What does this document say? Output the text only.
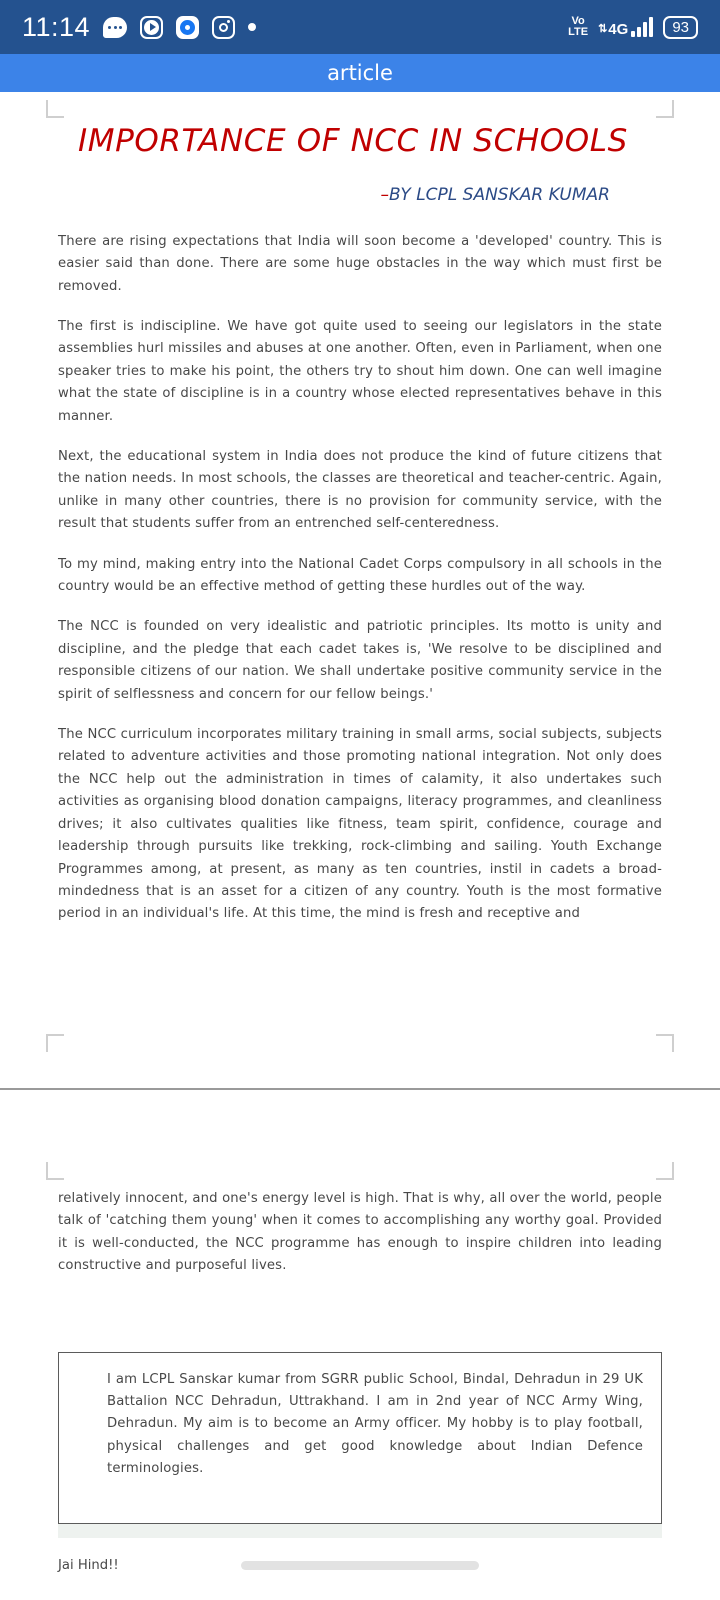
11:14	Vo
LTE ⇅ 4G	93
article
IMPORTANCE OF NCC IN SCHOOLS
–BY LCPL SANSKAR KUMAR

There are rising expectations that India will soon become a 'developed' country. This is easier said than done. There are some huge obstacles in the way which must first be removed.

The first is indiscipline. We have got quite used to seeing our legislators in the state assemblies hurl missiles and abuses at one another. Often, even in Parliament, when one speaker tries to make his point, the others try to shout him down. One can well imagine what the state of discipline is in a country whose elected representatives behave in this manner.

Next, the educational system in India does not produce the kind of future citizens that the nation needs. In most schools, the classes are theoretical and teacher-centric. Again, unlike in many other countries, there is no provision for community service, with the result that students suffer from an entrenched self-centeredness.

To my mind, making entry into the National Cadet Corps compulsory in all schools in the country would be an effective method of getting these hurdles out of the way.

The NCC is founded on very idealistic and patriotic principles. Its motto is unity and discipline, and the pledge that each cadet takes is, 'We resolve to be disciplined and responsible citizens of our nation. We shall undertake positive community service in the spirit of selflessness and concern for our fellow beings.'

The NCC curriculum incorporates military training in small arms, social subjects, subjects related to adventure activities and those promoting national integration. Not only does the NCC help out the administration in times of calamity, it also undertakes such activities as organising blood donation campaigns, literacy programmes, and cleanliness drives; it also cultivates qualities like fitness, team spirit, confidence, courage and leadership through pursuits like trekking, rock-climbing and sailing. Youth Exchange Programmes among, at present, as many as ten countries, instil in cadets a broad-mindedness that is an asset for a citizen of any country. Youth is the most formative period in an individual's life. At this time, the mind is fresh and receptive and

relatively innocent, and one's energy level is high. That is why, all over the world, people talk of 'catching them young' when it comes to accomplishing any worthy goal. Provided it is well-conducted, the NCC programme has enough to inspire children into leading constructive and purposeful lives.

I am LCPL Sanskar kumar from SGRR public School, Bindal, Dehradun in 29 UK Battalion NCC Dehradun, Uttrakhand. I am in 2nd year of NCC Army Wing, Dehradun. My aim is to become an Army officer. My hobby is to play football, physical challenges and get good knowledge about Indian Defence terminologies.

Jai Hind!!
